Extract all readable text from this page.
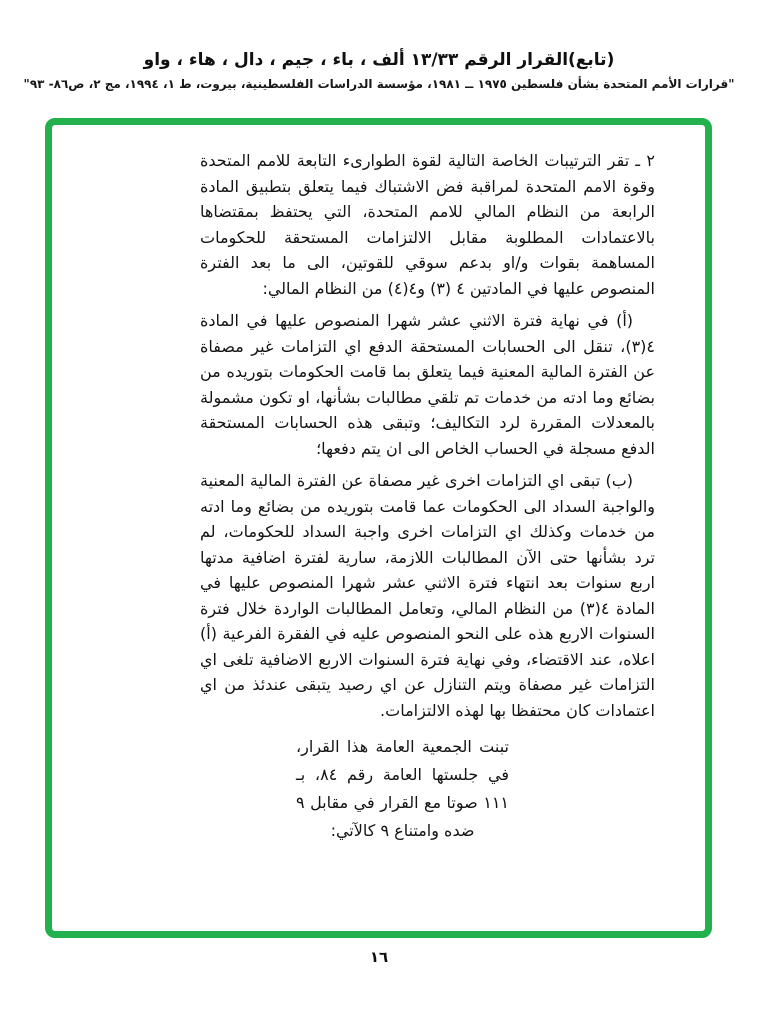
(تابع)القرار الرقم ١٣/٣٣ ألف ، باء ، جيم ، دال ، هاء ، واو
"قرارات الأمم المتحدة بشأن فلسطين ١٩٧٥ ــ ١٩٨١، مؤسسة الدراسات الفلسطينية، بيروت، ط ١، ١٩٩٤، مج ٢، ص٨٦- ٩٣"
٢ ـ تقر الترتيبات الخاصة التالية لقوة الطوارىء التابعة للامم المتحدة وقوة الامم المتحدة لمراقبة فض الاشتباك فيما يتعلق بتطبيق المادة الرابعة من النظام المالي للامم المتحدة، التي يحتفظ بمقتضاها بالاعتمادات المطلوبة مقابل الالتزامات المستحقة للحكومات المساهمة بقوات و/او بدعم سوقي للقوتين، الى ما بعد الفترة المنصوص عليها في المادتين ٤ (٣) و٤(٤) من النظام المالي:
(أ) في نهاية فترة الاثني عشر شهرا المنصوص عليها في المادة ٤(٣)، تنقل الى الحسابات المستحقة الدفع اي التزامات غير مصفاة عن الفترة المالية المعنية فيما يتعلق بما قامت الحكومات بتوريده من بضائع وما ادته من خدمات تم تلقي مطالبات بشأنها، او تكون مشمولة بالمعدلات المقررة لرد التكاليف؛ وتبقى هذه الحسابات المستحقة الدفع مسجلة في الحساب الخاص الى ان يتم دفعها؛
(ب) تبقى اي التزامات اخرى غير مصفاة عن الفترة المالية المعنية والواجبة السداد الى الحكومات عما قامت بتوريده من بضائع وما ادته من خدمات وكذلك اي التزامات اخرى واجبة السداد للحكومات، لم ترد بشأنها حتى الآن المطالبات اللازمة، سارية لفترة اضافية مدتها اربع سنوات بعد انتهاء فترة الاثني عشر شهرا المنصوص عليها في المادة ٤(٣) من النظام المالي، وتعامل المطالبات الواردة خلال فترة السنوات الاربع هذه على النحو المنصوص عليه في الفقرة الفرعية (أ) اعلاه، عند الاقتضاء، وفي نهاية فترة السنوات الاربع الاضافية تلغى اي التزامات غير مصفاة ويتم التنازل عن اي رصيد يتبقى عندئذ من اي اعتمادات كان محتفظا بها لهذه الالتزامات.
تبنت الجمعية العامة هذا القرار، في جلستها العامة رقم ٨٤، بـ ١١١ صوتا مع القرار في مقابل ٩ ضده وامتناع ٩ كالآتي:
١٦
